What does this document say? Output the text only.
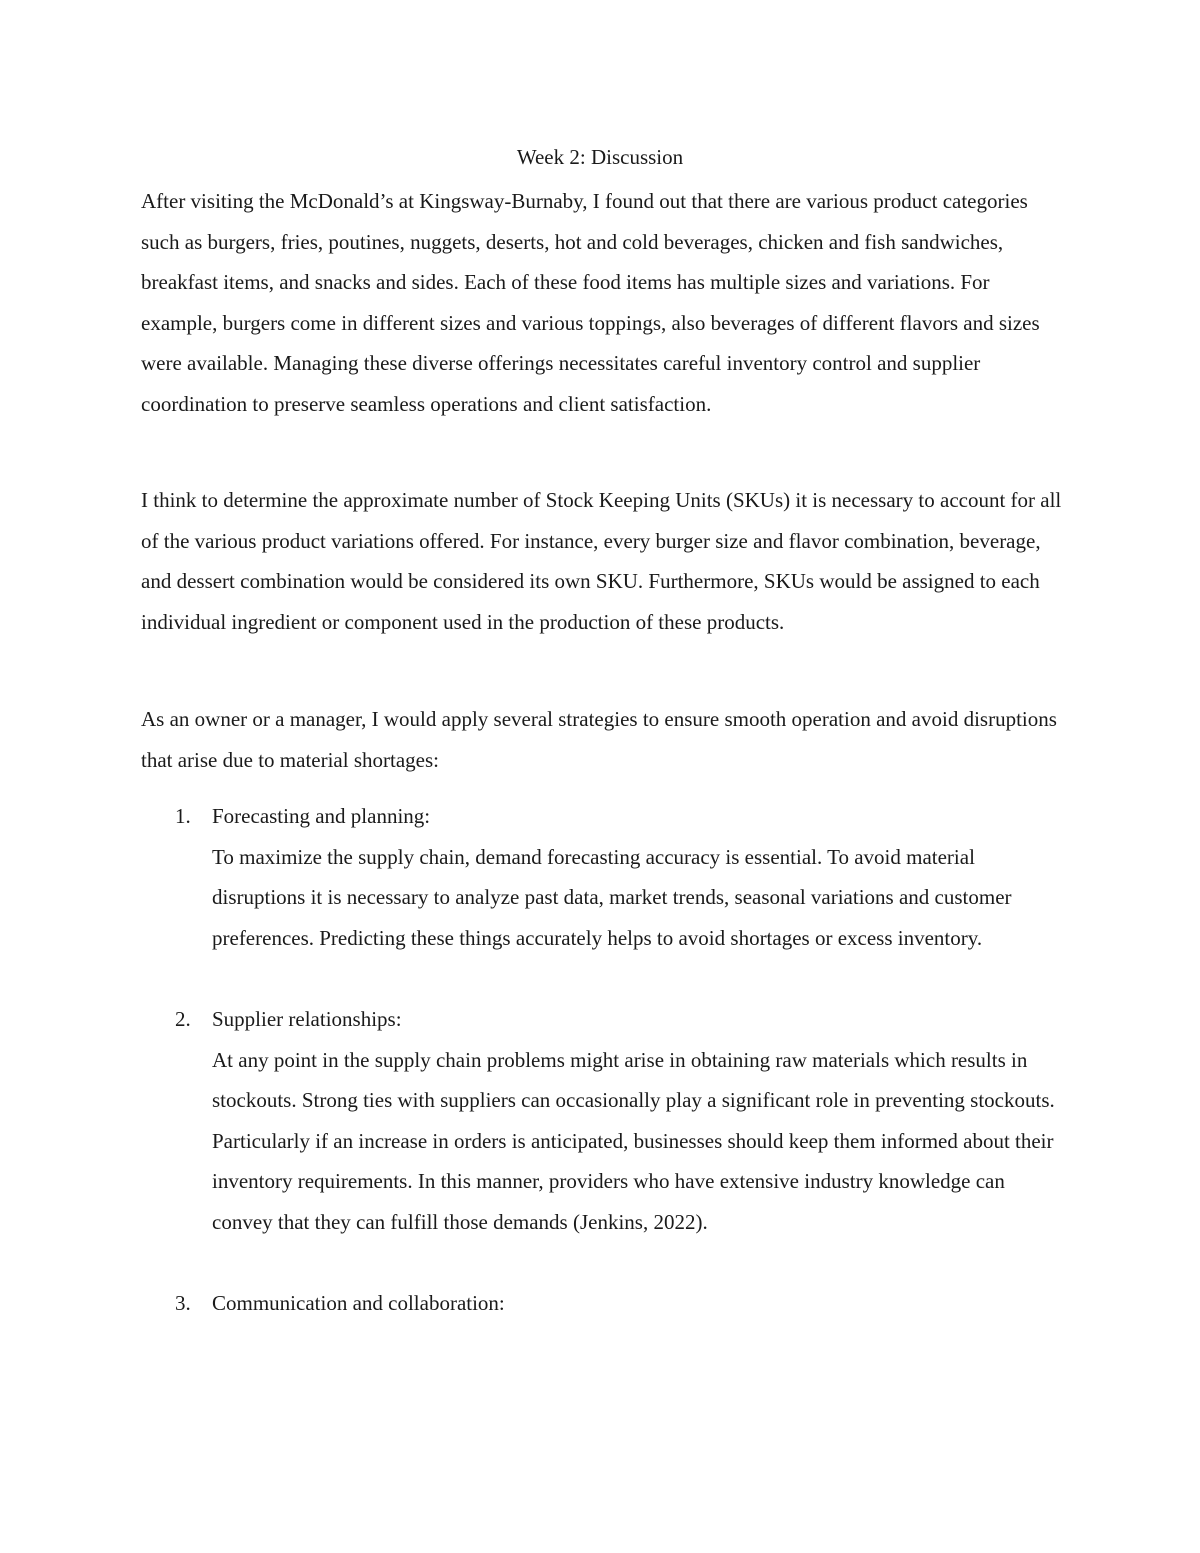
Week 2: Discussion

After visiting the McDonald’s at Kingsway-Burnaby, I found out that there are various product categories such as burgers, fries, poutines, nuggets, deserts, hot and cold beverages, chicken and fish sandwiches, breakfast items, and snacks and sides. Each of these food items has multiple sizes and variations. For example, burgers come in different sizes and various toppings, also beverages of different flavors and sizes were available. Managing these diverse offerings necessitates careful inventory control and supplier coordination to preserve seamless operations and client satisfaction.

I think to determine the approximate number of Stock Keeping Units (SKUs) it is necessary to account for all of the various product variations offered. For instance, every burger size and flavor combination, beverage, and dessert combination would be considered its own SKU. Furthermore, SKUs would be assigned to each individual ingredient or component used in the production of these products.

As an owner or a manager, I would apply several strategies to ensure smooth operation and avoid disruptions that arise due to material shortages:

1. Forecasting and planning:

To maximize the supply chain, demand forecasting accuracy is essential. To avoid material disruptions it is necessary to analyze past data, market trends, seasonal variations and customer preferences. Predicting these things accurately helps to avoid shortages or excess inventory.

2. Supplier relationships:

At any point in the supply chain problems might arise in obtaining raw materials which results in stockouts. Strong ties with suppliers can occasionally play a significant role in preventing stockouts. Particularly if an increase in orders is anticipated, businesses should keep them informed about their inventory requirements. In this manner, providers who have extensive industry knowledge can convey that they can fulfill those demands (Jenkins, 2022).

3. Communication and collaboration:
